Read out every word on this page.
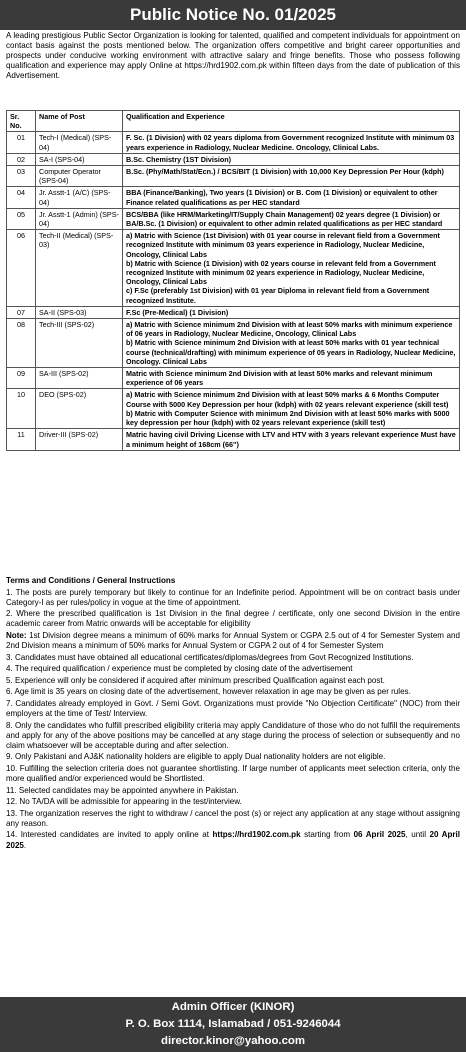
Public Notice No. 01/2025
A leading prestigious Public Sector Organization is looking for talented, qualified and competent individuals for appointment on contact basis against the posts mentioned below. The organization offers competitive and bright career opportunities and prospects under conducive working environment with attractive salary and fringe benefits. Those who possess following qualification and experience may apply Online at https://hrd1902.com.pk within fifteen days from the date of publication of this Advertisement.
Sr. No.	Name of Post	Qualification and Experience
01	Tech-I (Medical) (SPS-04)	F. Sc. (1 Division) with 02 years diploma from Government recognized Institute with minimum 03 years experience in Radiology, Nuclear Medicine. Oncology, Clinical Labs.
02	SA-I (SPS-04)	B.Sc. Chemistry (1ST Division)
03	Computer Operator (SPS-04)	B.Sc. (Phy/Math/Stat/Ecn.) / BCS/BIT (1 Division) with 10,000 Key Depression Per Hour (kdph)
04	Jr. Asstt-1 (A/C) (SPS-04)	BBA (Finance/Banking), Two years (1 Division) or B. Com (1 Division) or equivalent to other Finance related qualifications as per HEC standard
05	Jr. Asstt-1 (Admin) (SPS-04)	BCS/BBA (like HRM/Marketing/IT/Supply Chain Management) 02 years degree (1 Division) or BA/B.Sc. (1 Division) or equivalent to other admin related qualifications as per HEC standard
06	Tech-II (Medical) (SPS-03)	a) Matric with Science (1st Division) with 01 year course in relevant field from a Government recognized Institute with minimum 03 years experience in Radiology, Nuclear Medicine, Oncology, Clinical Labs
b) Matric with Science (1 Division) with 02 years course in relevant feld from a Government recognized Institute with minimum 02 years experience in Radiology, Nuclear Medicine, Oncology, Clinical Labs
c) F.Sc (preferably 1st Division) with 01 year Diploma in relevant field from a Government recognized Institute.
07	SA-II (SPS-03)	F.Sc (Pre-Medical) (1 Division)
08	Tech-III (SPS-02)	a) Matric with Science minimum 2nd Division with at least 50% marks with minimum experience of 06 years in Radiology, Nuclear Medicine, Oncology, Clinical Labs
b) Matric with Science minimum 2nd Division with at least 50% marks with 01 year technical course (technical/drafting) with minimum experience of 05 years in Radiology, Nuclear Medicine, Oncology. Clinical Labs
09	SA-III (SPS-02)	Matric with Science minimum 2nd Division with at least 50% marks and relevant minimum experience of 06 years
10	DEO (SPS-02)	a) Matric with Science minimum 2nd Division with at least 50% marks & 6 Months Computer Course with 5000 Key Depression per hour (kdph) with 02 years relevant experience (skill test)
b) Matric with Computer Science with minimum 2nd Division with at least 50% marks with 5000 key depression per hour (kdph) with 02 years relevant experience (skill test)
11	Driver-III (SPS-02)	Matric having civil Driving License with LTV and HTV with 3 years relevant experience Must have a minimum height of 168cm (66")

Terms and Conditions / General Instructions

1. The posts are purely temporary but likely to continue for an Indefinite period. Appointment will be on contract basis under Category-I as per rules/policy in vogue at the time of appointment.

2. Where the prescribed qualification is 1st Division in the final degree / certificate, only one second Division in the entire academic career from Matric onwards will be acceptable for eligibility

Note: 1st Division degree means a minimum of 60% marks for Annual System or CGPA 2.5 out of 4 for Semester System and 2nd Division means a minimum of 50% marks for Annual System or CGPA 2 out of 4 for Semester System

3. Candidates must have obtained all educational certificates/diplomas/degrees from Govt Recognized Institutions.

4. The required qualification / experience must be completed by closing date of the advertisement

5. Experience will only be considered if acquired after minimum prescribed Qualification against each post.

6. Age limit is 35 years on closing date of the advertisement, however relaxation in age may be given as per rules.

7. Candidates already employed in Govt. / Semi Govt. Organizations must provide "No Objection Certificate" (NOC) from their employers at the time of Test/ Interview.

8. Only the candidates who fulfill prescribed eligibility criteria may apply Candidature of those who do not fulfill the requirements and apply for any of the above positions may be cancelled at any stage during the process of selection or subsequently and no claim whatsoever will be acceptable during and after selection.

9. Only Pakistani and AJ&K nationality holders are eligible to apply Dual nationality holders are not eligible.

10. Fulfilling the selection criteria does not guarantee shortlisting. If large number of applicants meet selection criteria, only the more qualified and/or experienced would be Shortlisted.

11. Selected candidates may be appointed anywhere in Pakistan.

12. No TA/DA will be admissible for appearing in the test/interview.

13. The organization reserves the right to withdraw / cancel the post (s) or reject any application at any stage without assigning any reason.

14. Interested candidates are invited to apply online at https://hrd1902.com.pk starting from 06 April 2025, until 20 April 2025.

Admin Officer (KINOR)
P. O. Box 1114, Islamabad / 051-9246044
director.kinor@yahoo.com
